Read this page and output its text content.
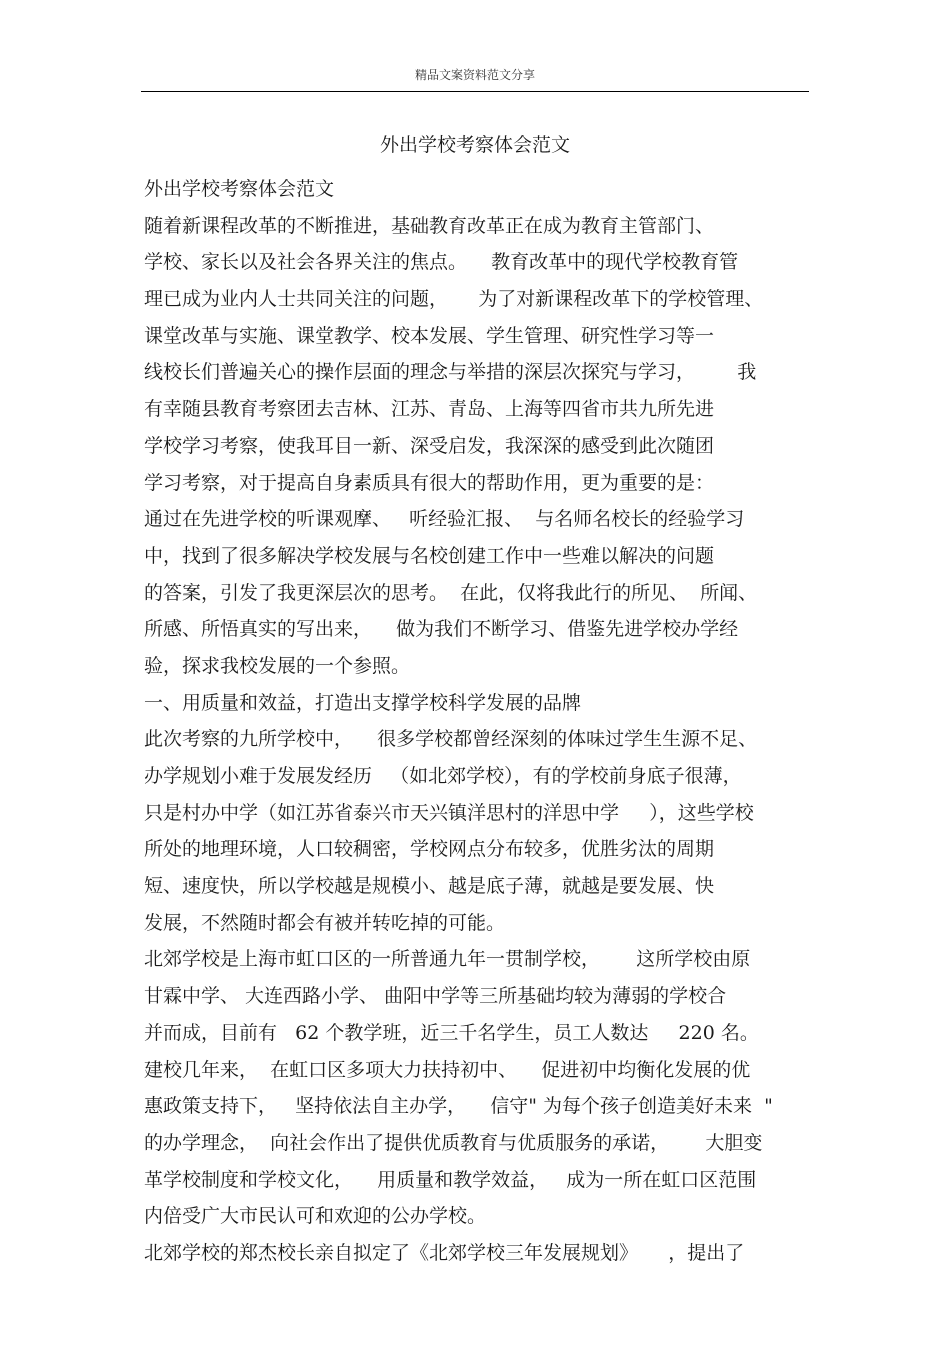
精品文案资料范文分享
外出学校考察体会范文
外出学校考察体会范文
随着新课程改革的不断推进，基础教育改革正在成为教育主管部门、
学校、家长以及社会各界关注的焦点。    教育改革中的现代学校教育管
理已成为业内人士共同关注的问题，     为了对新课程改革下的学校管理、
课堂改革与实施、课堂教学、校本发展、学生管理、研究性学习等一
线校长们普遍关心的操作层面的理念与举措的深层次探究与学习，       我
有幸随县教育考察团去吉林、江苏、青岛、上海等四省市共九所先进
学校学习考察，使我耳目一新、深受启发，我深深的感受到此次随团
学习考察，对于提高自身素质具有很大的帮助作用，更为重要的是：
通过在先进学校的听课观摩、   听经验汇报、  与名师名校长的经验学习
中，找到了很多解决学校发展与名校创建工作中一些难以解决的问题
的答案，引发了我更深层次的思考。  在此，仅将我此行的所见、  所闻、
所感、所悟真实的写出来，    做为我们不断学习、借鉴先进学校办学经
验，探求我校发展的一个参照。
一、用质量和效益，打造出支撑学校科学发展的品牌
此次考察的九所学校中，    很多学校都曾经深刻的体味过学生生源不足、
办学规划小难于发展发经历   （如北郊学校），有的学校前身底子很薄，
只是村办中学（如江苏省泰兴市天兴镇洋思村的洋思中学     ），这些学校
所处的地理环境，人口较稠密，学校网点分布较多，优胜劣汰的周期
短、速度快，所以学校越是规模小、越是底子薄，就越是要发展、快
发展，不然随时都会有被并转吃掉的可能。
北郊学校是上海市虹口区的一所普通九年一贯制学校，      这所学校由原
甘霖中学、 大连西路小学、 曲阳中学等三所基础均较为薄弱的学校合
并而成，目前有   62 个教学班，近三千名学生，员工人数达     220 名。
建校几年来，  在虹口区多项大力扶持初中、    促进初中均衡化发展的优
惠政策支持下，   坚持依法自主办学，    信守" 为每个孩子创造美好未来  "
的办学理念，  向社会作出了提供优质教育与优质服务的承诺，      大胆变
革学校制度和学校文化，    用质量和教学效益，   成为一所在虹口区范围
内倍受广大市民认可和欢迎的公办学校。
北郊学校的郑杰校长亲自拟定了《北郊学校三年发展规划》     ，提出了
